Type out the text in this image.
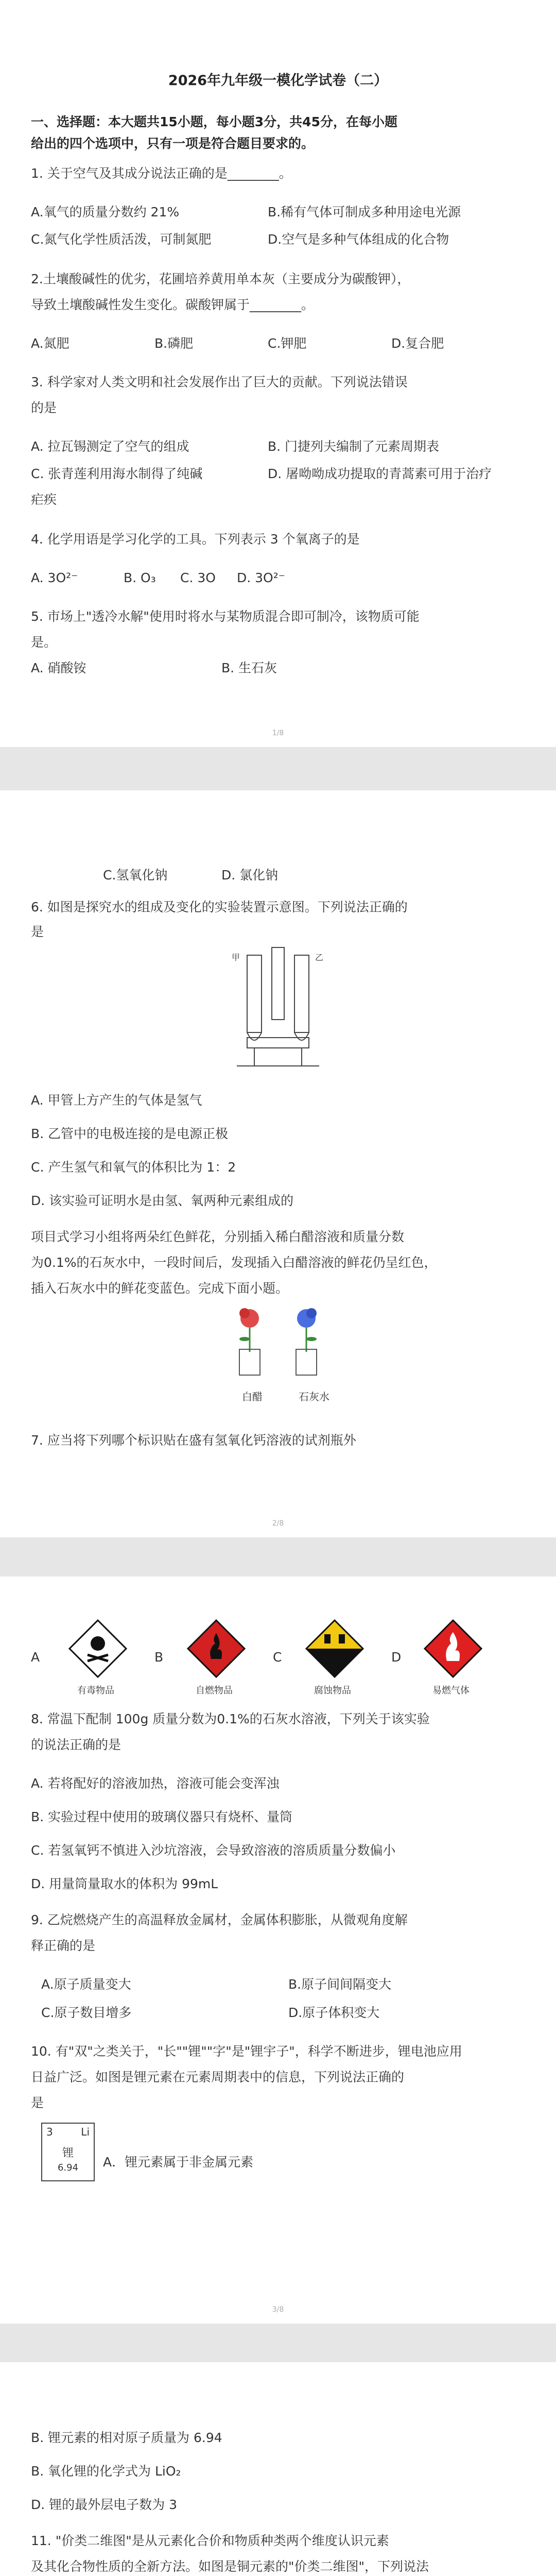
2026年九年级一模化学试卷（二）
一、选择题：本大题共15小题，每小题3分，共45分，在每小题
给出的四个选项中，只有一项是符合题目要求的。
1. 关于空气及其成分说法正确的是________。
A.氧气的质量分数约 21%	B.稀有气体可制成多种用途电光源
C.氮气化学性质活泼，可制氮肥	D.空气是多种气体组成的化合物
2.土壤酸碱性的优劣，花圃培养黄用单本灰（主要成分为碳酸钾），
导致土壤酸碱性发生变化。碳酸钾属于________。
A.氮肥	B.磷肥	C.钾肥	D.复合肥
3. 科学家对人类文明和社会发展作出了巨大的贡献。下列说法错误
的是
A. 拉瓦锡测定了空气的组成	B. 门捷列夫编制了元素周期表
C. 张青莲利用海水制得了纯碱	D. 屠呦呦成功提取的青蒿素可用于治疗
疟疾
4. 化学用语是学习化学的工具。下列表示 3 个氧离子的是
A. 3O²⁻	B. O₃ C. 3O D. 3O²⁻
5. 市场上"透冷水解"使用时将水与某物质混合即可制冷，该物质可能
是。
A. 硝酸铵	B. 生石灰
1/8
C.氢氧化钠	D. 氯化钠
6. 如图是探究水的组成及变化的实验装置示意图。下列说法正确的
是
甲	乙
A. 甲管上方产生的气体是氢气
B. 乙管中的电极连接的是电源正极
C. 产生氢气和氧气的体积比为 1：2
D. 该实验可证明水是由氢、氧两种元素组成的
项目式学习小组将两朵红色鲜花，分别插入稀白醋溶液和质量分数
为0.1%的石灰水中，一段时间后，发现插入白醋溶液的鲜花仍呈红色，
插入石灰水中的鲜花变蓝色。完成下面小题。
白醋	石灰水
7. 应当将下列哪个标识贴在盛有氢氧化钙溶液的试剂瓶外
2/8
有毒物品	自燃物品	腐蚀物品	易燃气体
A	B	C	D
8. 常温下配制 100g 质量分数为0.1%的石灰水溶液，下列关于该实验
的说法正确的是
A. 若将配好的溶液加热，溶液可能会变浑浊
B. 实验过程中使用的玻璃仪器只有烧杯、量筒
C. 若氢氧钙不慎进入沙坑溶液，会导致溶液的溶质质量分数偏小
D. 用量筒量取水的体积为 99mL
9. 乙烷燃烧产生的高温释放金属材，金属体积膨胀，从微观角度解
释正确的是
A.原子质量变大	B.原子间间隔变大
C.原子数目增多	D.原子体积变大
10. 有"双"之类关于，"长""锂""字"是"锂宇子"，科学不断进步，锂电池应用
日益广泛。如图是锂元素在元素周期表中的信息，下列说法正确的
是
3	Li
锂
6.94	A．锂元素属于非金属元素
3/8
B. 锂元素的相对原子质量为 6.94
B. 氧化锂的化学式为 LiO₂
D. 锂的最外层电子数为 3
11. "价类二维图"是从元素化合价和物质种类两个维度认识元素
及其化合物性质的全新方法。如图是铜元素的"价类二维图"，下列说法
